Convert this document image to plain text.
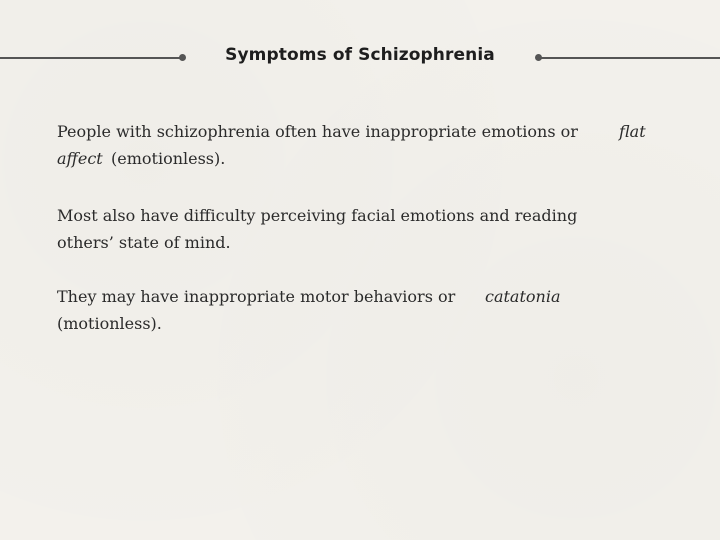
Symptoms of Schizophrenia
People with schizophrenia often have inappropriate emotions or	flat
affect (emotionless).
Most also have difficulty perceiving facial emotions and reading
others’ state of mind.
They may have inappropriate motor behaviors or catatonia
(motionless).
